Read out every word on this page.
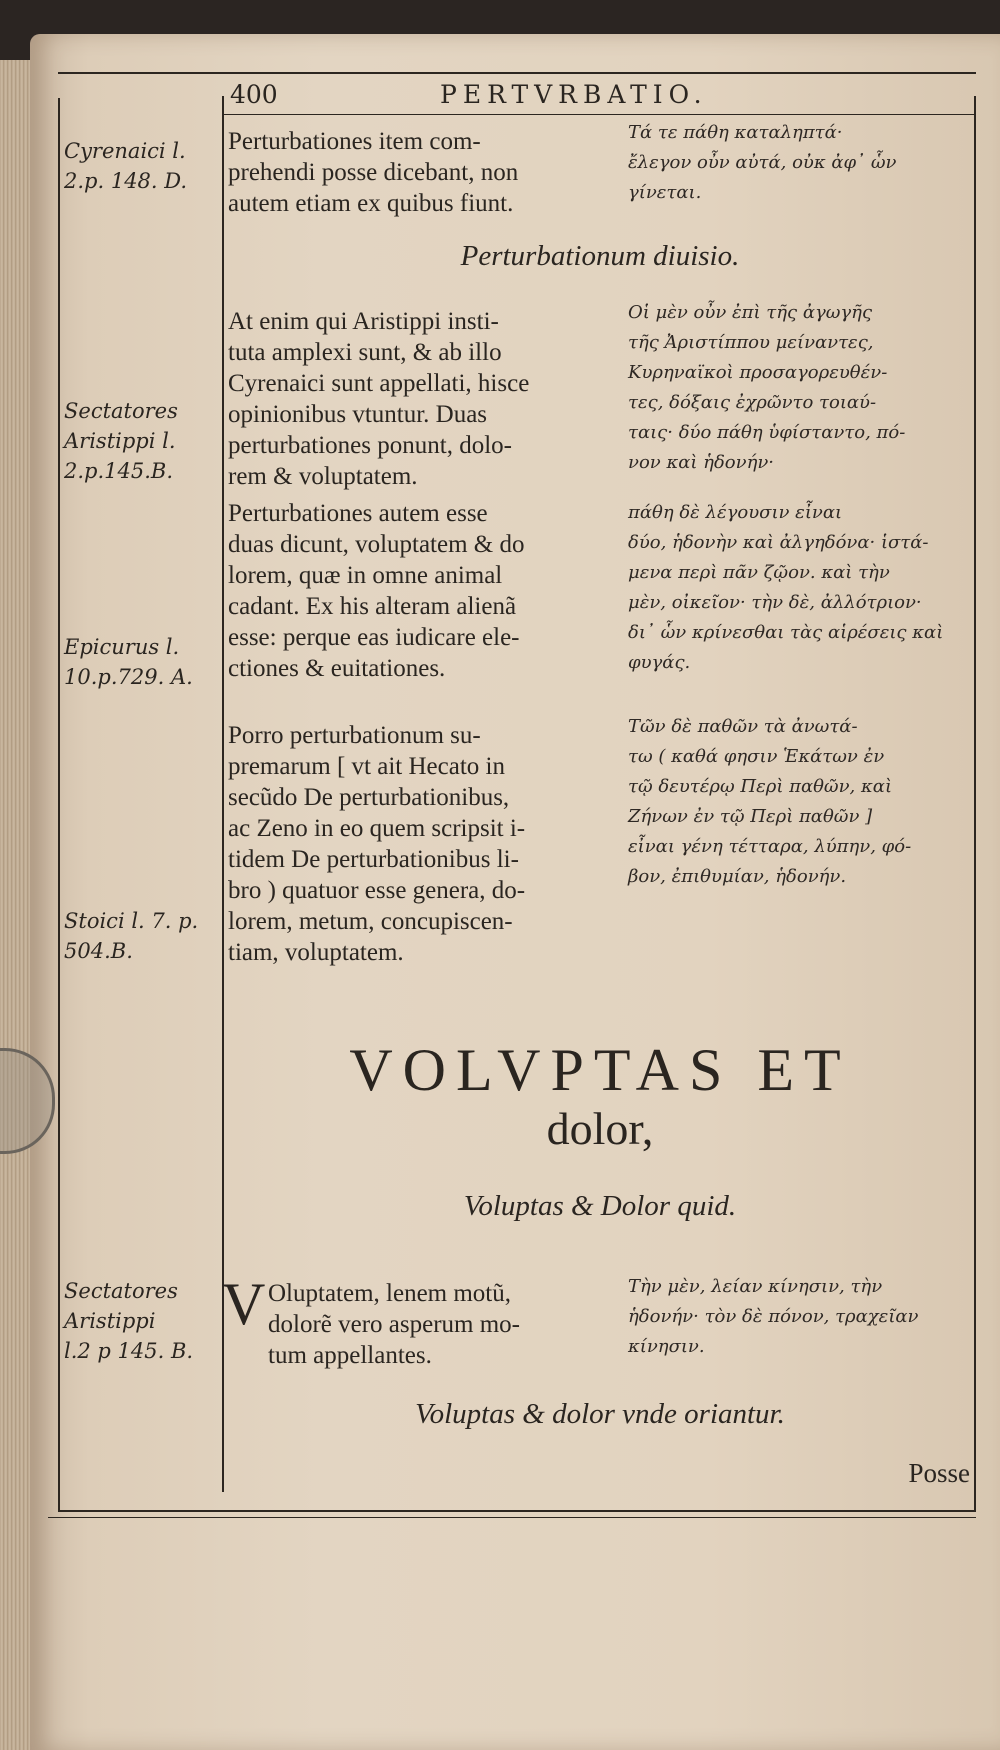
400	PERTVRBATIO.
Cyrenaici l.
2.p. 148. D.
Sectatores
Aristippi l.
2.p.145.B.
Epicurus l.
10.p.729. A.
Stoici l. 7. p.
504.B.
Sectatores
Aristippi
l.2 p 145. B.
Perturbationes item com-
prehendi posse dicebant, non
autem etiam ex quibus fiunt.
Τά τε πάθη καταληπτά·
ἔλεγον οὖν αὐτά, οὐκ ἀφ᾽ ὧν
γίνεται.
Perturbationum diuisio.
At enim qui Aristippi insti-
tuta amplexi sunt, & ab illo
Cyrenaici sunt appellati, hisce
opinionibus vtuntur. Duas
perturbationes ponunt, dolo-
rem & voluptatem.
Οἱ μὲν οὖν ἐπὶ τῆς ἀγωγῆς
τῆς Ἀριστίππου μείναντες,
Κυρηναϊκοὶ προσαγορευθέν-
τες, δόξαις ἐχρῶντο τοιαύ-
ταις· δύο πάθη ὑφίσταντο, πό-
νον καὶ ἡδονήν·
Perturbationes autem esse
duas dicunt, voluptatem & do
lorem, quæ in omne animal
cadant. Ex his alteram alienã
esse: perque eas iudicare ele-
ctiones & euitationes.
πάθη δὲ λέγουσιν εἶναι
δύο, ἡδονὴν καὶ ἀλγηδόνα· ἱστά-
μενα περὶ πᾶν ζῷον. καὶ τὴν
μὲν, οἰκεῖον· τὴν δὲ, ἀλλότριον·
δι᾽ ὧν κρίνεσθαι τὰς αἱρέσεις καὶ
φυγάς.
Porro perturbationum su-
premarum [ vt ait Hecato in
secũdo De perturbationibus,
ac Zeno in eo quem scripsit i-
tidem De perturbationibus li-
bro ) quatuor esse genera, do-
lorem, metum, concupiscen-
tiam, voluptatem.
Τῶν δὲ παθῶν τὰ ἀνωτά-
τω ( καθά φησιν Ἑκάτων ἐν
τῷ δευτέρῳ Περὶ παθῶν, καὶ
Ζήνων ἐν τῷ Περὶ παθῶν ]
εἶναι γένη τέτταρα, λύπην, φό-
βον, ἐπιθυμίαν, ἡδονήν.
VOLVPTAS ET
dolor,
Voluptas & Dolor quid.
V Oluptatem, lenem motũ,
dolorẽ vero asperum mo-
tum appellantes.
Τὴν μὲν, λείαν κίνησιν, τὴν
ἡδονήν· τὸν δὲ πόνον, τραχεῖαν
κίνησιν.
Voluptas & dolor vnde oriantur.
Posse
